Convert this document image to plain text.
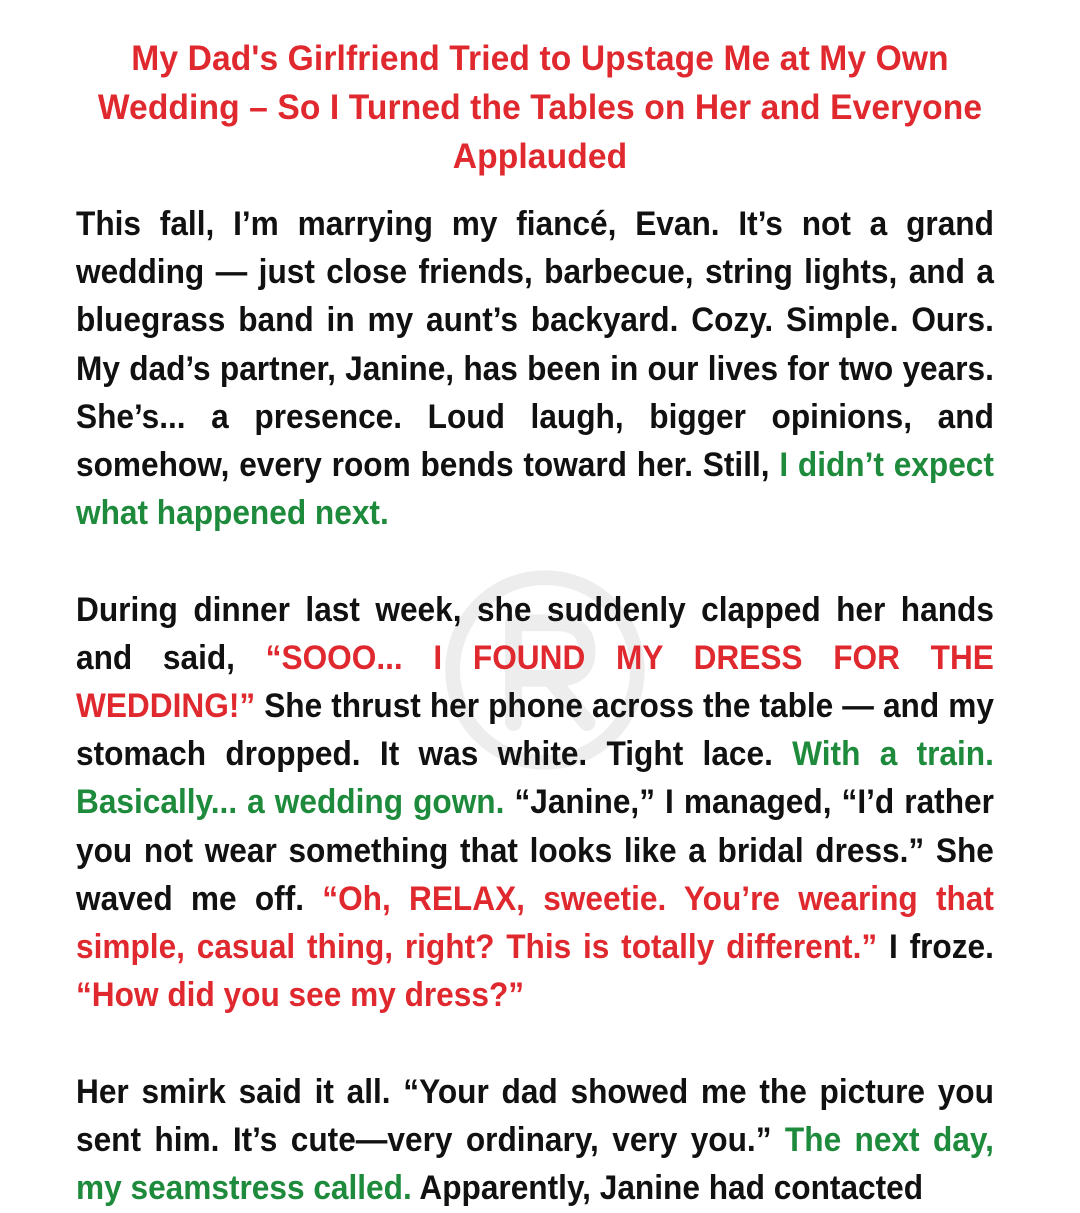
My Dad's Girlfriend Tried to Upstage Me at My Own Wedding – So I Turned the Tables on Her and Everyone Applauded

This fall, I’m marrying my fiancé, Evan. It’s not a grand wedding — just close friends, barbecue, string lights, and a bluegrass band in my aunt’s backyard. Cozy. Simple. Ours. My dad’s partner, Janine, has been in our lives for two years. She’s... a presence. Loud laugh, bigger opinions, and somehow, every room bends toward her. Still, I didn’t expect what happened next.

During dinner last week, she suddenly clapped her hands and said, “SOOO... I FOUND MY DRESS FOR THE WEDDING!” She thrust her phone across the table — and my stomach dropped. It was white. Tight lace. With a train. Basically... a wedding gown. “Janine,” I managed, “I’d rather you not wear something that looks like a bridal dress.” She waved me off. “Oh, RELAX, sweetie. You’re wearing that simple, casual thing, right? This is totally different.” I froze. “How did you see my dress?”

Her smirk said it all. “Your dad showed me the picture you sent him. It’s cute—very ordinary, very you.” The next day, my seamstress called. Apparently, Janine had contacted
